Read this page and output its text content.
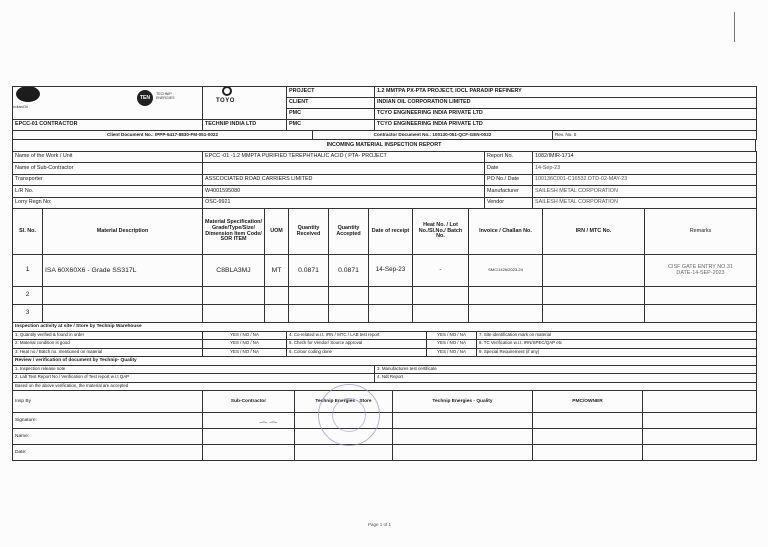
IndianOil
TEN
TECHNIP
ENERGIES	TOYO
		PROJECT	1.2 MMTPA PX-PTA PROJECT, IOCL PARADIP REFINERY
		CLIENT	INDIAN OIL CORPORATION LIMITED
		PMC	TCYO ENGINEERING INDIA PRIVATE LTD
EPCC-01 CONTRACTOR	TECHNIP INDIA LTD	PMC	TCYO ENGINEERING INDIA PRIVATE LTD
Client Document No.: IPPP-6417-8830-FM-051-0022	Contractor Document No.: 100130-051-QCF-GEN-0022	Rev. No. 0
INCOMING MATERIAL INSPECTION REPORT
Name of the Work / Unit	EPCC -01 -1.2 MMPTA PURIFIED TEREPHTHALIC ACID ( PTA- PROJECT	Report No.	1082/IMIR-1714
Name of Sub-Contractor		Date	14-Sep-23
Transporter	ASSCOCIATED ROAD CARRIERS LIMITED	PO No./ Date	100136C001-C16532 DTD-02-MAY-23
L/R No.	W4001595080	Manufacturer	SAILESH METAL CORPORATION
Lorry Regn No:	OSC-9921	Vendor	SAILESH METAL CORPORATION
Sl. No.	Material Description	Material Specification/ Grade/Type/Size/ Dimension Item Code/ SOR ITEM	UOM	Quantity Received	Quantity Accepted	Date of receipt	Heat No. / Lot No./Sl.No./ Batch No.	Invoice / Challan No.	IRN / MTC No.	Remarks
1	ISA 60X60X6 - Grade SS317L	C8BLA3MJ	MT	0.0871	0.0871	14-Sep-23	-	SMC/1426/2023-24		CISF GATE ENTRY NO.31
DATE-14-SEP-2023
2										
3										
Inspection activity at site / Store by Technip Warehouse				
1. Quantity verified & found in order	YES / NO / NA	4. Co-related w.r.t. IRN / MTC / LAB test report	YES / NO / NA	7. Site identification mark on material
2. Material condition is good	YES / NO / NA	5. Check for Vendor/ Source approval	YES / NO / NA	8. TC Verification w.r.t. IRN/SPEC/QAP etc
3. Heat no / Batch no. mentioned on material	YES / NO / NA	6. Colour coding done	YES / NO / NA	9. Special Requirement (if any)
Review / verification of document by Technip- Quality	
1. Inspection release note	3. Manufactures test certificate
2. Lab Test Report No / Verification of Test report w.r.t QAP	4. Ndt Report
Based on the above verification, the material are accepted	
Insp By	Sub-Contractor	Technip Energies - Store	Technip Energies - Quality	PMC/OWNER	
Signature:					
Name:					
Date:					
⁀ ⁀
Page 1 of 1
